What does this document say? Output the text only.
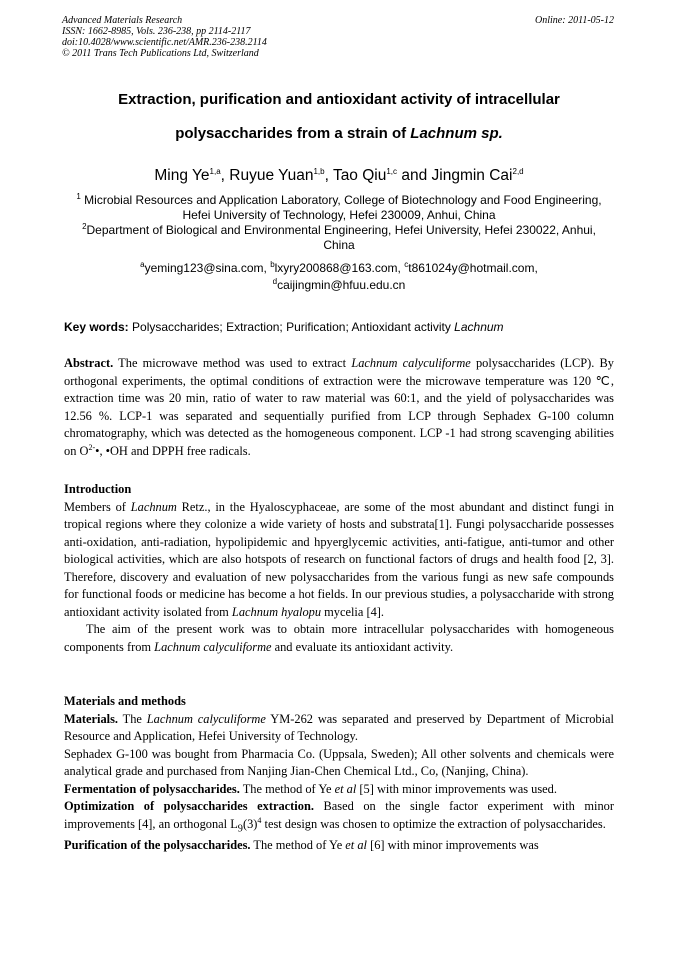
Advanced Materials Research
ISSN: 1662-8985, Vols. 236-238, pp 2114-2117
doi:10.4028/www.scientific.net/AMR.236-238.2114
© 2011 Trans Tech Publications Ltd, Switzerland
Online: 2011-05-12
Extraction, purification and antioxidant activity of intracellular
polysaccharides from a strain of Lachnum sp.
Ming Ye$^{1,a}$, Ruyue Yuan$^{1,b}$, Tao Qiu$^{1,c}$ and Jingmin Cai$^{2,d}$
$^1$ Microbial Resources and Application Laboratory, College of Biotechnology and Food Engineering,
Hefei University of Technology, Hefei 230009, Anhui, China
$^2$Department of Biological and Environmental Engineering, Hefei University, Hefei 230022, Anhui,
China
$^a$yeming123@sina.com, $^b$lxyry200868@163.com, $^c$t861024y@hotmail.com,
$^d$caijingmin@hfuu.edu.cn
Key words: Polysaccharides; Extraction; Purification; Antioxidant activity Lachnum

Abstract. The microwave method was used to extract Lachnum calyculiforme polysaccharides (LCP). By orthogonal experiments, the optimal conditions of extraction were the microwave temperature was 120 ℃, extraction time was 20 min, ratio of water to raw material was 60:1, and the yield of polysaccharides was 12.56 %. LCP-1 was separated and sequentially purified from LCP through Sephadex G-100 column chromatography, which was detected as the homogeneous component. LCP -1 had strong scavenging abilities on $O^{2-}•$, •OH and DPPH free radicals.

Introduction

Members of Lachnum Retz., in the Hyaloscyphaceae, are some of the most abundant and distinct fungi in tropical regions where they colonize a wide variety of hosts and substrata[1]. Fungi polysaccharide possesses anti-oxidation, anti-radiation, hypolipidemic and hpyerglycemic activities, anti-fatigue, anti-tumor and other biological activities, which are also hotspots of research on functional factors of drugs and health food [2, 3]. Therefore, discovery and evaluation of new polysaccharides from the various fungi as new safe compounds for functional foods or medicine has become a hot fields. In our previous studies, a polysaccharide with strong antioxidant activity isolated from Lachnum hyalopu mycelia [4].

The aim of the present work was to obtain more intracellular polysaccharides with homogeneous components from Lachnum calyculiforme and evaluate its antioxidant activity.

Materials and methods

Materials. The Lachnum calyculiforme YM-262 was separated and preserved by Department of Microbial Resource and Application, Hefei University of Technology.

Sephadex G-100 was bought from Pharmacia Co. (Uppsala, Sweden); All other solvents and chemicals were analytical grade and purchased from Nanjing Jian-Chen Chemical Ltd., Co, (Nanjing, China).

Fermentation of polysaccharides. The method of Ye et al [5] with minor improvements was used.

Optimization of polysaccharides extraction. Based on the single factor experiment with minor improvements [4], an orthogonal $L_9(3)^4$ test design was chosen to optimize the extraction of polysaccharides.

Purification of the polysaccharides. The method of Ye et al [6] with minor improvements was
